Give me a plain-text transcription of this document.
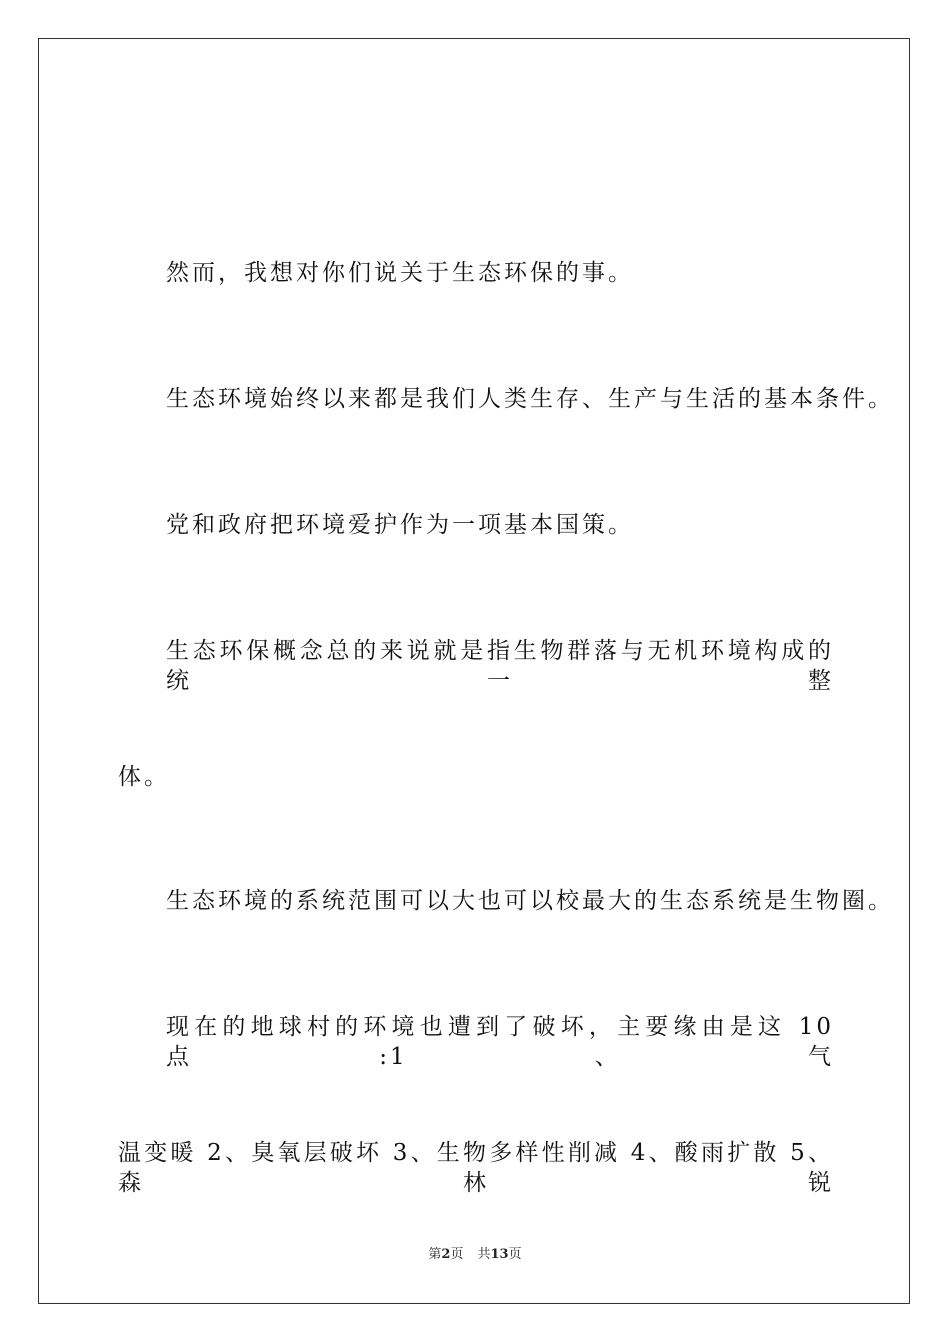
然而，我想对你们说关于生态环保的事。
生态环境始终以来都是我们人类生存、生产与生活的基本条件。
党和政府把环境爱护作为一项基本国策。
生态环保概念总的来说就是指生物群落与无机环境构成的统一整
体。
生态环境的系统范围可以大也可以校最大的生态系统是生物圈。
现在的地球村的环境也遭到了破坏，主要缘由是这 10 点:1、气
温变暖 2、臭氧层破坏 3、生物多样性削减 4、酸雨扩散 5、森林锐
第2页 共13页
